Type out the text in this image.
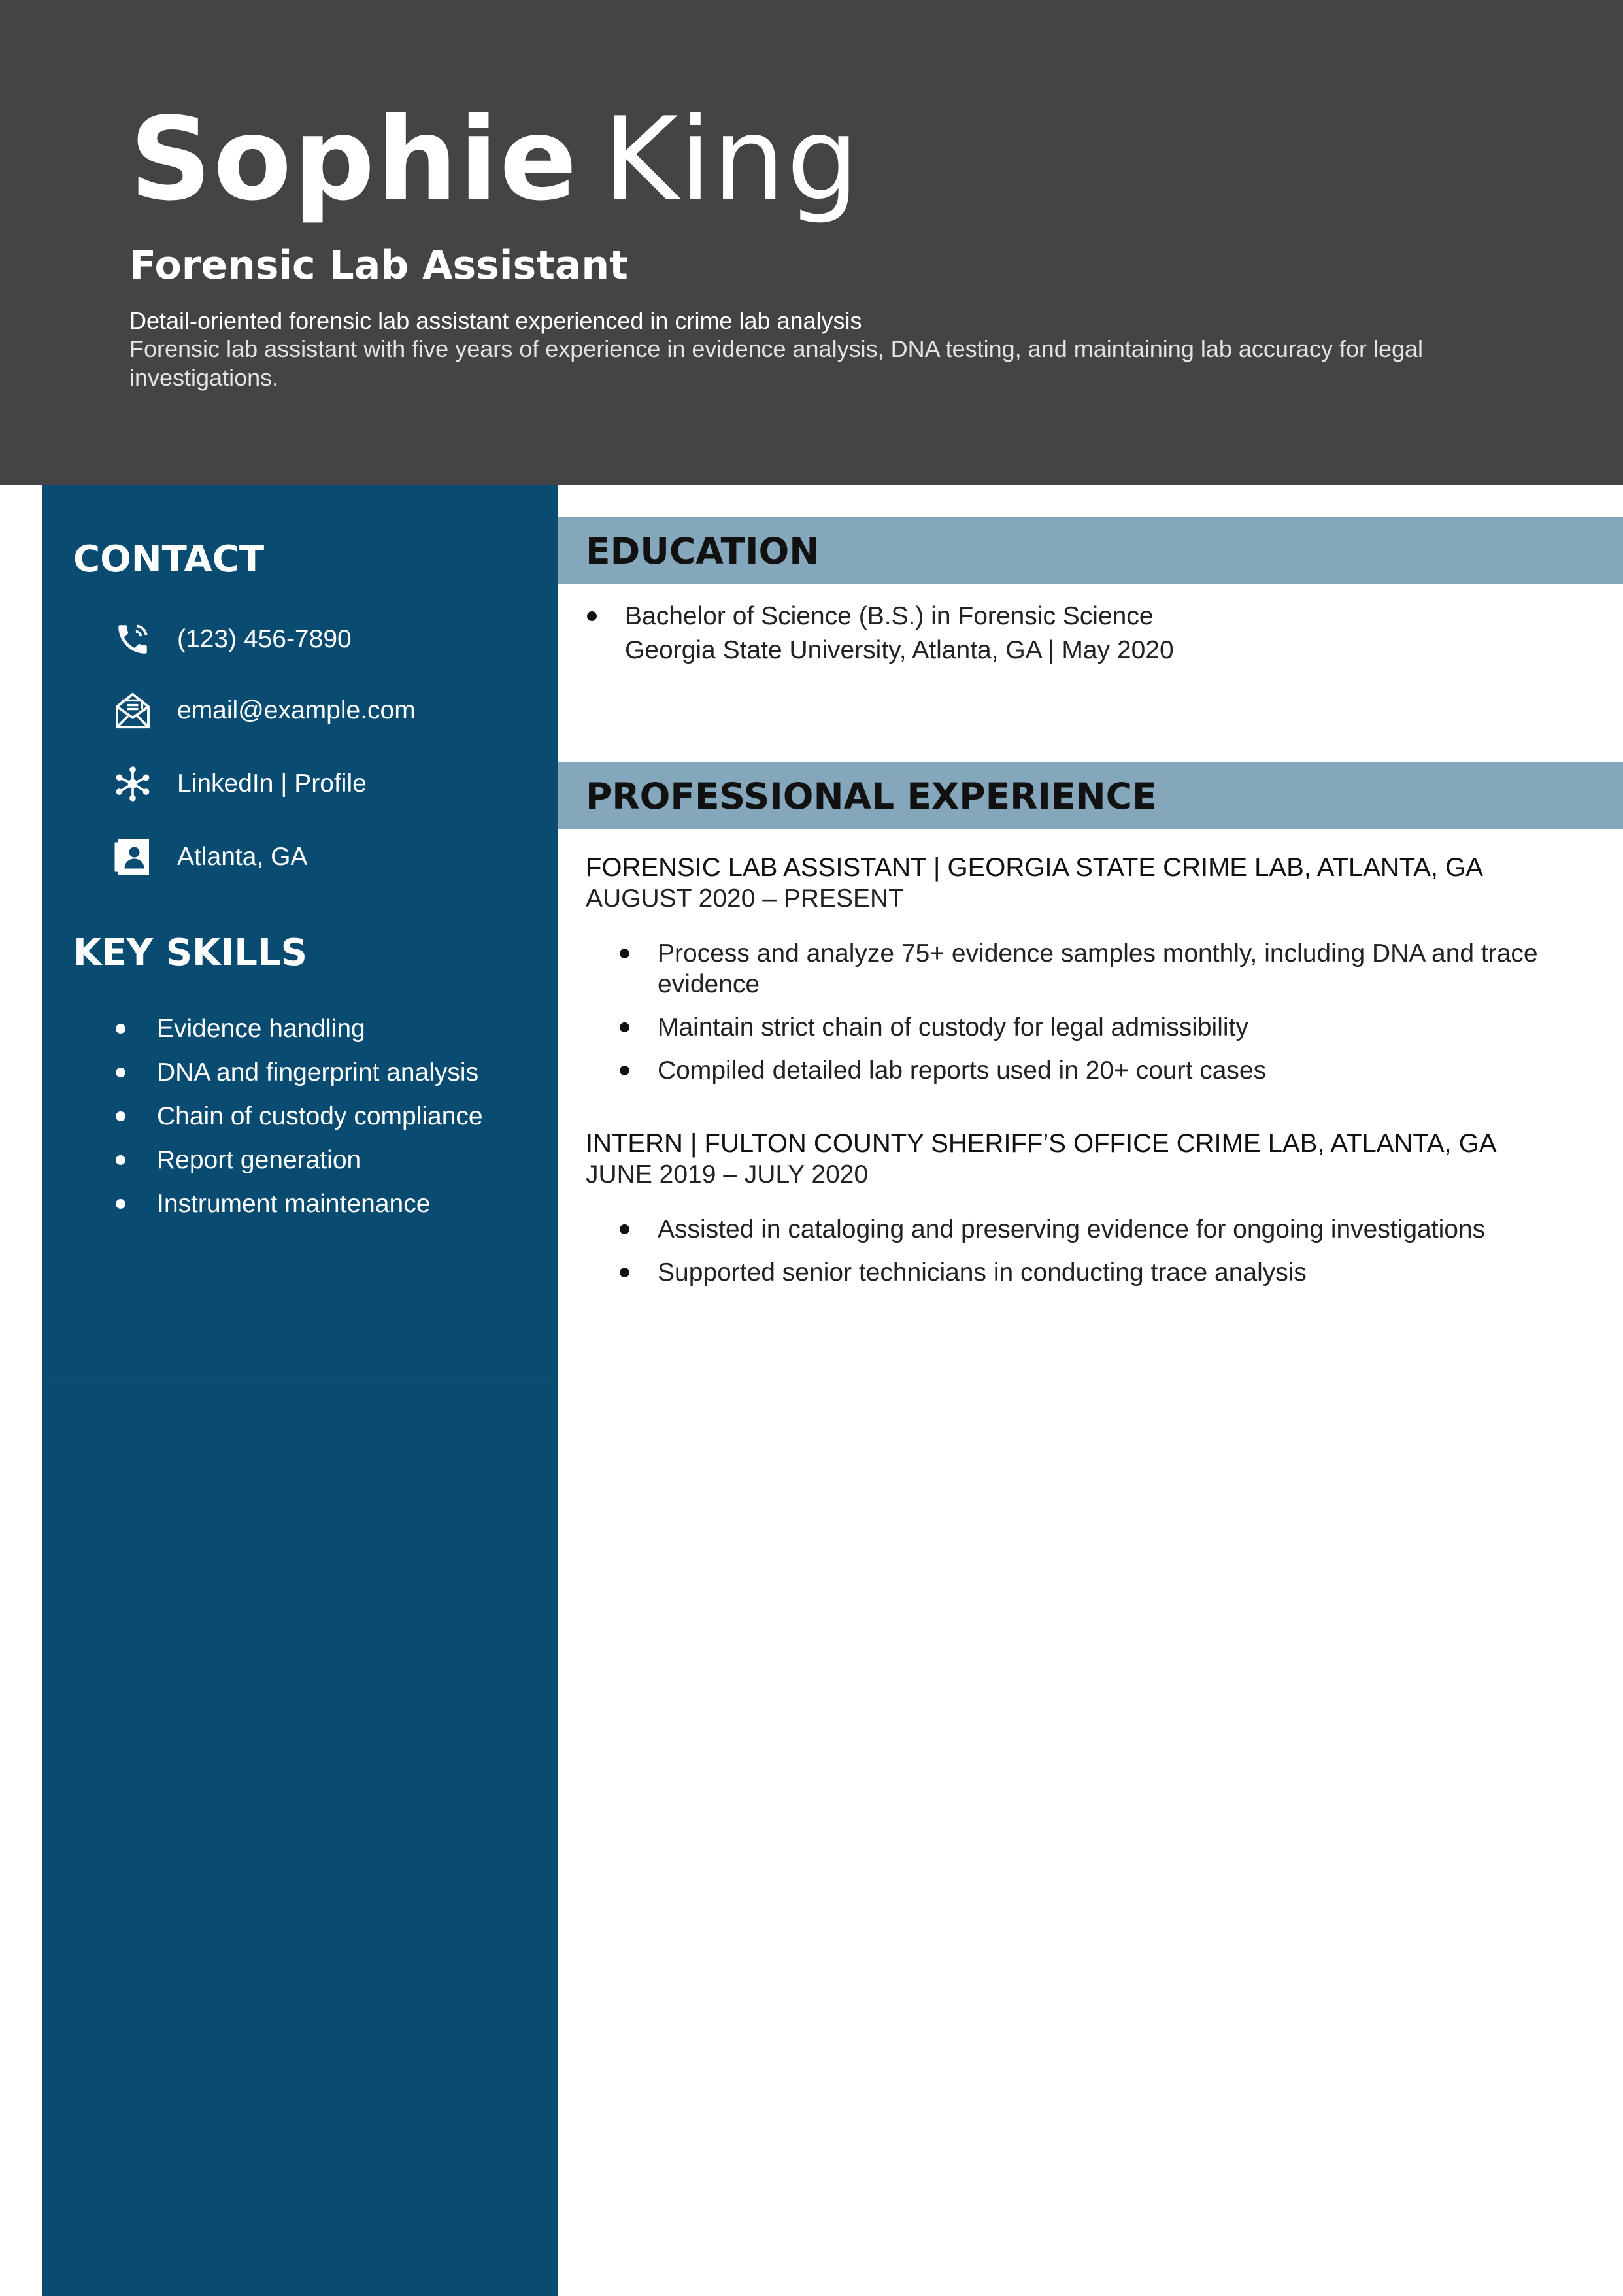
Sophie King
Forensic Lab Assistant

Detail-oriented forensic lab assistant experienced in crime lab analysis

Forensic lab assistant with five years of experience in evidence analysis, DNA testing, and maintaining lab accuracy for legal investigations.

CONTACT
(123) 456-7890
email@example.com
LinkedIn | Profile
Atlanta, GA
KEY SKILLS
Evidence handling
DNA and fingerprint analysis
Chain of custody compliance
Report generation
Instrument maintenance
EDUCATION
Bachelor of Science (B.S.) in Forensic Science
Georgia State University, Atlanta, GA | May 2020
PROFESSIONAL EXPERIENCE

FORENSIC LAB ASSISTANT | GEORGIA STATE CRIME LAB, ATLANTA, GA

AUGUST 2020 – PRESENT

Process and analyze 75+ evidence samples monthly, including DNA and trace evidence
Maintain strict chain of custody for legal admissibility
Compiled detailed lab reports used in 20+ court cases

INTERN | FULTON COUNTY SHERIFF’S OFFICE CRIME LAB, ATLANTA, GA

JUNE 2019 – JULY 2020

Assisted in cataloging and preserving evidence for ongoing investigations
Supported senior technicians in conducting trace analysis
